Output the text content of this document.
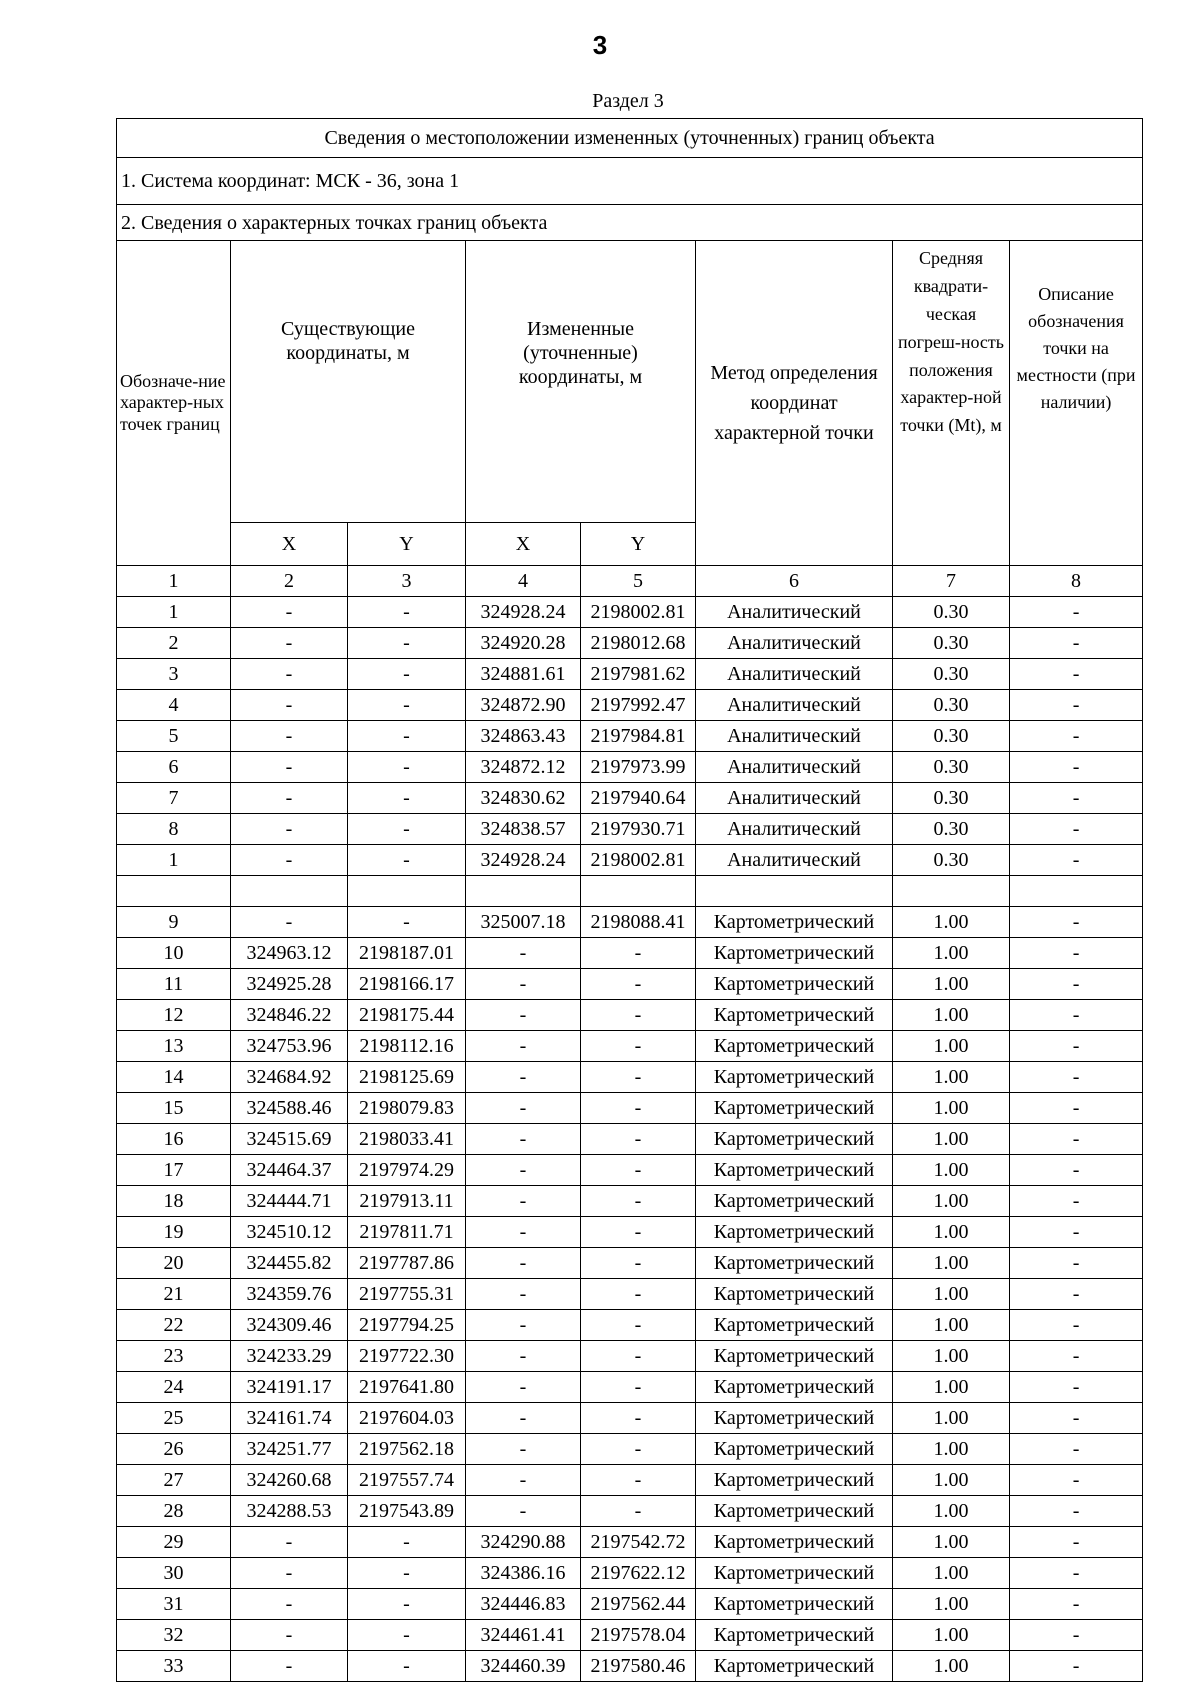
3
Раздел 3
Сведения о местоположении измененных (уточненных) границ объекта							
1. Система координат: МСК - 36, зона 1							
2. Сведения о характерных точках границ объекта							
Обозначе-ние характер-ных точек границ	Существующие координаты, м		Измененные (уточненные) координаты, м		Метод определения координат характерной точки	Средняя квадрати-ческая погреш-ность положения характер-ной точки (Mt), м	Описание обозначения точки на местности (при наличии)
	X	Y	X	Y			
1	2	3	4	5	6	7	8
1	-	-	324928.24	2198002.81	Аналитический	0.30	-
2	-	-	324920.28	2198012.68	Аналитический	0.30	-
3	-	-	324881.61	2197981.62	Аналитический	0.30	-
4	-	-	324872.90	2197992.47	Аналитический	0.30	-
5	-	-	324863.43	2197984.81	Аналитический	0.30	-
6	-	-	324872.12	2197973.99	Аналитический	0.30	-
7	-	-	324830.62	2197940.64	Аналитический	0.30	-
8	-	-	324838.57	2197930.71	Аналитический	0.30	-
1	-	-	324928.24	2198002.81	Аналитический	0.30	-

9	-	-	325007.18	2198088.41	Картометрический	1.00	-
10	324963.12	2198187.01	-	-	Картометрический	1.00	-
11	324925.28	2198166.17	-	-	Картометрический	1.00	-
12	324846.22	2198175.44	-	-	Картометрический	1.00	-
13	324753.96	2198112.16	-	-	Картометрический	1.00	-
14	324684.92	2198125.69	-	-	Картометрический	1.00	-
15	324588.46	2198079.83	-	-	Картометрический	1.00	-
16	324515.69	2198033.41	-	-	Картометрический	1.00	-
17	324464.37	2197974.29	-	-	Картометрический	1.00	-
18	324444.71	2197913.11	-	-	Картометрический	1.00	-
19	324510.12	2197811.71	-	-	Картометрический	1.00	-
20	324455.82	2197787.86	-	-	Картометрический	1.00	-
21	324359.76	2197755.31	-	-	Картометрический	1.00	-
22	324309.46	2197794.25	-	-	Картометрический	1.00	-
23	324233.29	2197722.30	-	-	Картометрический	1.00	-
24	324191.17	2197641.80	-	-	Картометрический	1.00	-
25	324161.74	2197604.03	-	-	Картометрический	1.00	-
26	324251.77	2197562.18	-	-	Картометрический	1.00	-
27	324260.68	2197557.74	-	-	Картометрический	1.00	-
28	324288.53	2197543.89	-	-	Картометрический	1.00	-
29	-	-	324290.88	2197542.72	Картометрический	1.00	-
30	-	-	324386.16	2197622.12	Картометрический	1.00	-
31	-	-	324446.83	2197562.44	Картометрический	1.00	-
32	-	-	324461.41	2197578.04	Картометрический	1.00	-
33	-	-	324460.39	2197580.46	Картометрический	1.00	-
